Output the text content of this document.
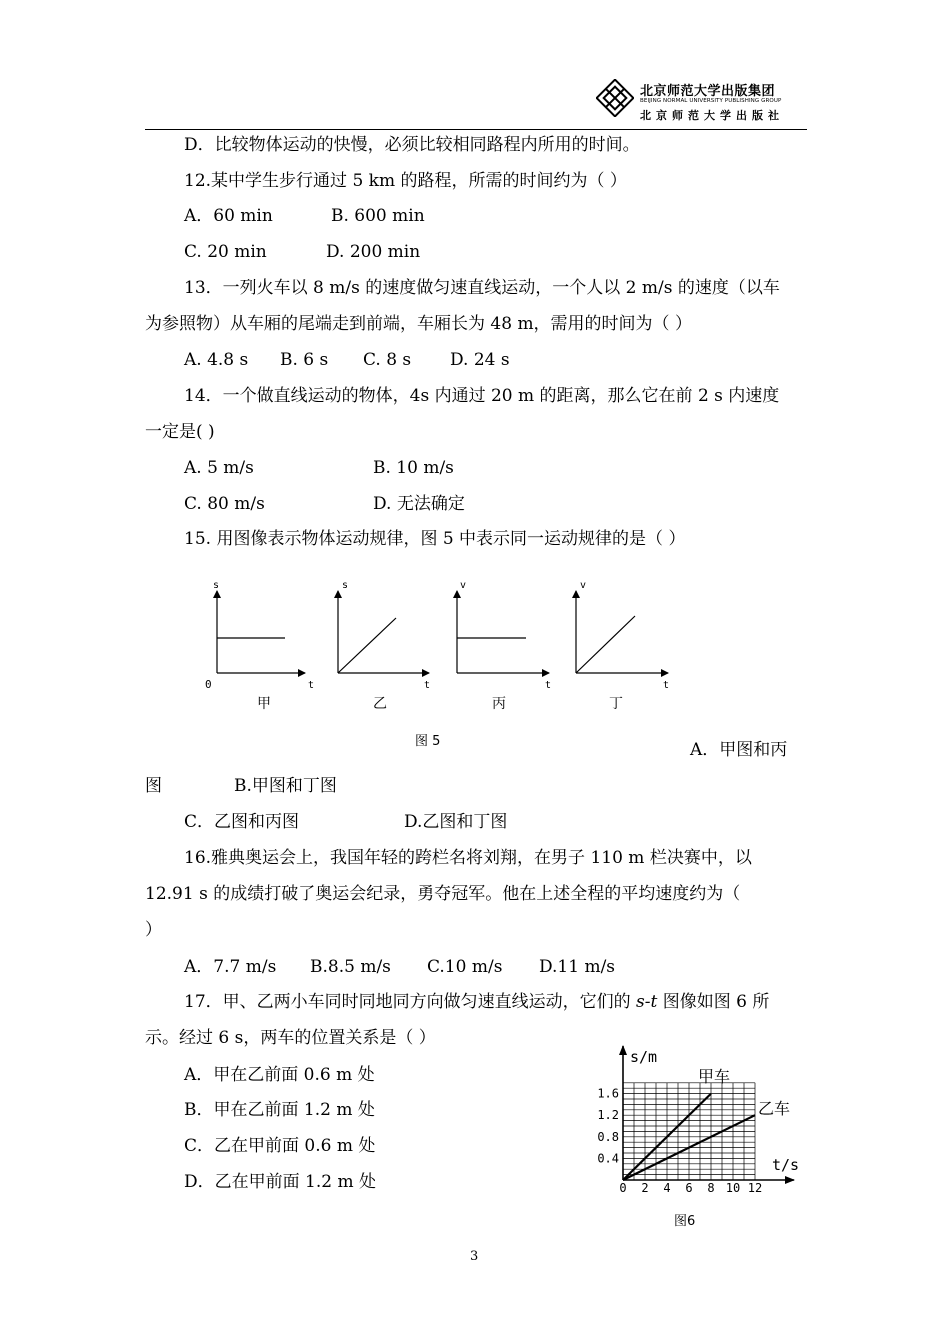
北京师范大学出版集团
BEIJING NORMAL UNIVERSITY PUBLISHING GROUP
北京师范大学出版社
D．比较物体运动的快慢，必须比较相同路程内所用的时间。
12.某中学生步行通过 5 km 的路程，所需的时间约为（ ）
A．60 min	B. 600 min
C. 20 min	D. 200 min
13．一列火车以 8 m/s 的速度做匀速直线运动，一个人以 2 m/s 的速度（以车
为参照物）从车厢的尾端走到前端，车厢长为 48 m，需用的时间为（ ）
A. 4.8 s B. 6 s C. 8 s D. 24 s
14．一个做直线运动的物体，4s 内通过 20 m 的距离，那么它在前 2 s 内速度
一定是( )
A. 5 m/s	B. 10 m/s
C. 80 m/s	D. 无法确定
15. 用图像表示物体运动规律，图 5 中表示同一运动规律的是（ ）
s
t
0
甲
s
t
乙
v
t
丙
v
t
丁
图 5	A．甲图和丙
图	B.甲图和丁图
C．乙图和丙图	D.乙图和丁图
16.雅典奥运会上，我国年轻的跨栏名将刘翔，在男子 110 m 栏决赛中，以
12.91 s 的成绩打破了奥运会纪录，勇夺冠军。他在上述全程的平均速度约为（
）
A．7.7 m/s B.8.5 m/s C.10 m/s D.11 m/s
17．甲、乙两小车同时同地同方向做匀速直线运动，它们的 s-t 图像如图 6 所
示。经过 6 s，两车的位置关系是（ ）
A．甲在乙前面 0.6 m 处
B．甲在乙前面 1.2 m 处
C．乙在甲前面 0.6 m 处
D．乙在甲前面 1.2 m 处	0 2 4 6 8 10 12
0.4
0.8
1.2
1.6
s/m
t/s
甲车
乙车
图6
3
